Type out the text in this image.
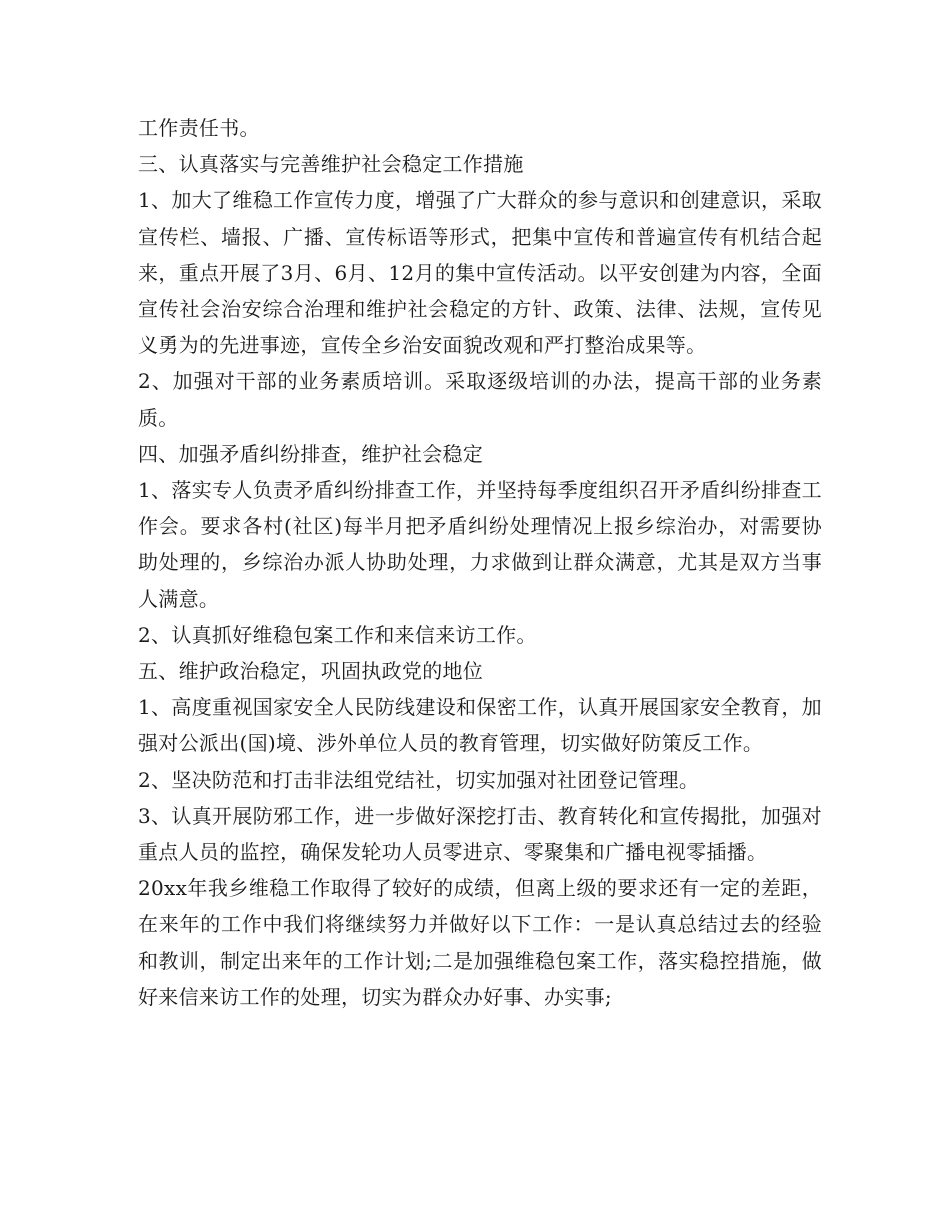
工作责任书。

三、认真落实与完善维护社会稳定工作措施

1、加大了维稳工作宣传力度，增强了广大群众的参与意识和创建意识，采取宣传栏、墙报、广播、宣传标语等形式，把集中宣传和普遍宣传有机结合起来，重点开展了3月、6月、12月的集中宣传活动。以平安创建为内容，全面宣传社会治安综合治理和维护社会稳定的方针、政策、法律、法规，宣传见义勇为的先进事迹，宣传全乡治安面貌改观和严打整治成果等。

2、加强对干部的业务素质培训。采取逐级培训的办法，提高干部的业务素质。

四、加强矛盾纠纷排查，维护社会稳定

1、落实专人负责矛盾纠纷排查工作，并坚持每季度组织召开矛盾纠纷排查工作会。要求各村(社区)每半月把矛盾纠纷处理情况上报乡综治办，对需要协助处理的，乡综治办派人协助处理，力求做到让群众满意，尤其是双方当事人满意。

2、认真抓好维稳包案工作和来信来访工作。

五、维护政治稳定，巩固执政党的地位

1、高度重视国家安全人民防线建设和保密工作，认真开展国家安全教育，加强对公派出(国)境、涉外单位人员的教育管理，切实做好防策反工作。

2、坚决防范和打击非法组党结社，切实加强对社团登记管理。

3、认真开展防邪工作，进一步做好深挖打击、教育转化和宣传揭批，加强对重点人员的监控，确保发轮功人员零进京、零聚集和广播电视零插播。

20xx年我乡维稳工作取得了较好的成绩，但离上级的要求还有一定的差距，在来年的工作中我们将继续努力并做好以下工作：一是认真总结过去的经验和教训，制定出来年的工作计划;二是加强维稳包案工作，落实稳控措施，做好来信来访工作的处理，切实为群众办好事、办实事;
